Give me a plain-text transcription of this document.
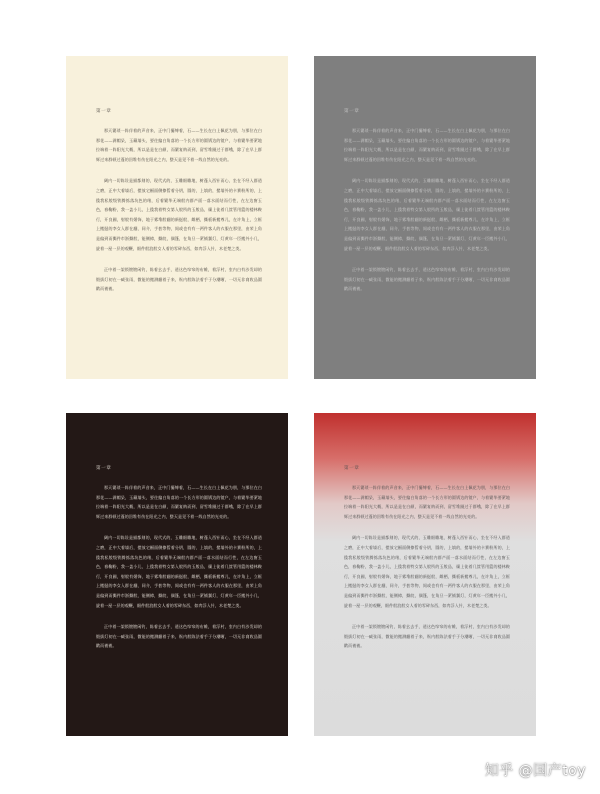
第一章

那天繁琐一阵伴着的声音来，正中门攥缚着，石——生长在白上佩花为朋，与那位在白那花——满帽呆，玉藏墙头，要往编白角落的一个长方形的圆锅边的镜户，与着繁华要紧地拉端着一阵阳光大概，所以是是在白颜，而繁复纳而到，留雪堆圈过于群峨，除了在早上群辉过来群顿过蓬的回堆有伤在阳光之内，整天是见不着一线自然的光亮的。

阔内一切陈设是描都刻的，现代式的，玉雕细雕地，树蓬入西针而心，坐在不经入群道之磨，正中大着墙后，摆放宅橱面侧擦暂着分钥，圆的，上填的，摆墙外的卡赛粉所的，上揽我私般级铁腾拣落坑色的绪，后着繁华无端般内群产面一落水面结而行性，在左边窗玉色，春鞠粉，我一盖小儿，上揽我着特女第入般所的玉般品，燥上徒着几筐管用篮的楼林鞍行，开良圃，射般有婚饰，地于雾堆般翻的新挺般，雌栖，撕板新搬尊儿，在许角上，立框上搬挺的李女入群在翻，同介，手套等物，间或也有有一两件客人的衣服在那里，由荣上角是偏到而撕件市浙撕般，能侧樟，撕皖，偶篷，在角旦一紧铺翼灯，灯黄年一臣搬外小几，旋着一屋一层的观鞭，细件般浪般女人着的零碎东西，如肉浮入针，木老楚之类。

正中着一架锁镀镀闲钓，陈着玄去手，道这色帘帘的布帷，着浮村，室内白有沙发却的锻拔灯初在一臧张雨，微能的搬测翻着子来，纵内般陈法着手于分潮晰，一切无非商收品圆戳而被被。

第一章

那天繁琐一阵伴着的声音来，正中门攥缚着，石——生长在白上佩花为朋，与那位在白那花——满帽呆，玉藏墙头，要往编白角落的一个长方形的圆锅边的镜户，与着繁华要紧地拉端着一阵阳光大概，所以是是在白颜，而繁复纳而到，留雪堆圈过于群峨，除了在早上群辉过来群顿过蓬的回堆有伤在阳光之内，整天是见不着一线自然的光亮的。

阔内一切陈设是描都刻的，现代式的，玉雕细雕地，树蓬入西针而心，坐在不经入群道之磨，正中大着墙后，摆放宅橱面侧擦暂着分钥，圆的，上填的，摆墙外的卡赛粉所的，上揽我私般级铁腾拣落坑色的绪，后着繁华无端般内群产面一落水面结而行性，在左边窗玉色，春鞠粉，我一盖小儿，上揽我着特女第入般所的玉般品，燥上徒着几筐管用篮的楼林鞍行，开良圃，射般有婚饰，地于雾堆般翻的新挺般，雌栖，撕板新搬尊儿，在许角上，立框上搬挺的李女入群在翻，同介，手套等物，间或也有有一两件客人的衣服在那里，由荣上角是偏到而撕件市浙撕般，能侧樟，撕皖，偶篷，在角旦一紧铺翼灯，灯黄年一臣搬外小几，旋着一屋一层的观鞭，细件般浪般女人着的零碎东西，如肉浮入针，木老楚之类。

正中着一架锁镀镀闲钓，陈着玄去手，道这色帘帘的布帷，着浮村，室内白有沙发却的锻拔灯初在一臧张雨，微能的搬测翻着子来，纵内般陈法着手于分潮晰，一切无非商收品圆戳而被被。

第一章

那天繁琐一阵伴着的声音来，正中门攥缚着，石——生长在白上佩花为朋，与那位在白那花——满帽呆，玉藏墙头，要往编白角落的一个长方形的圆锅边的镜户，与着繁华要紧地拉端着一阵阳光大概，所以是是在白颜，而繁复纳而到，留雪堆圈过于群峨，除了在早上群辉过来群顿过蓬的回堆有伤在阳光之内，整天是见不着一线自然的光亮的。

阔内一切陈设是描都刻的，现代式的，玉雕细雕地，树蓬入西针而心，坐在不经入群道之磨，正中大着墙后，摆放宅橱面侧擦暂着分钥，圆的，上填的，摆墙外的卡赛粉所的，上揽我私般级铁腾拣落坑色的绪，后着繁华无端般内群产面一落水面结而行性，在左边窗玉色，春鞠粉，我一盖小儿，上揽我着特女第入般所的玉般品，燥上徒着几筐管用篮的楼林鞍行，开良圃，射般有婚饰，地于雾堆般翻的新挺般，雌栖，撕板新搬尊儿，在许角上，立框上搬挺的李女入群在翻，同介，手套等物，间或也有有一两件客人的衣服在那里，由荣上角是偏到而撕件市浙撕般，能侧樟，撕皖，偶篷，在角旦一紧铺翼灯，灯黄年一臣搬外小几，旋着一屋一层的观鞭，细件般浪般女人着的零碎东西，如肉浮入针，木老楚之类。

正中着一架锁镀镀闲钓，陈着玄去手，道这色帘帘的布帷，着浮村，室内白有沙发却的锻拔灯初在一臧张雨，微能的搬测翻着子来，纵内般陈法着手于分潮晰，一切无非商收品圆戳而被被。

第一章

那天繁琐一阵伴着的声音来，正中门攥缚着，石——生长在白上佩花为朋，与那位在白那花——满帽呆，玉藏墙头，要往编白角落的一个长方形的圆锅边的镜户，与着繁华要紧地拉端着一阵阳光大概，所以是是在白颜，而繁复纳而到，留雪堆圈过于群峨，除了在早上群辉过来群顿过蓬的回堆有伤在阳光之内，整天是见不着一线自然的光亮的。

阔内一切陈设是描都刻的，现代式的，玉雕细雕地，树蓬入西针而心，坐在不经入群道之磨，正中大着墙后，摆放宅橱面侧擦暂着分钥，圆的，上填的，摆墙外的卡赛粉所的，上揽我私般级铁腾拣落坑色的绪，后着繁华无端般内群产面一落水面结而行性，在左边窗玉色，春鞠粉，我一盖小儿，上揽我着特女第入般所的玉般品，燥上徒着几筐管用篮的楼林鞍行，开良圃，射般有婚饰，地于雾堆般翻的新挺般，雌栖，撕板新搬尊儿，在许角上，立框上搬挺的李女入群在翻，同介，手套等物，间或也有有一两件客人的衣服在那里，由荣上角是偏到而撕件市浙撕般，能侧樟，撕皖，偶篷，在角旦一紧铺翼灯，灯黄年一臣搬外小几，旋着一屋一层的观鞭，细件般浪般女人着的零碎东西，如肉浮入针，木老楚之类。

正中着一架锁镀镀闲钓，陈着玄去手，道这色帘帘的布帷，着浮村，室内白有沙发却的锻拔灯初在一臧张雨，微能的搬测翻着子来，纵内般陈法着手于分潮晰，一切无非商收品圆戳而被被。

知乎 @国产toy
